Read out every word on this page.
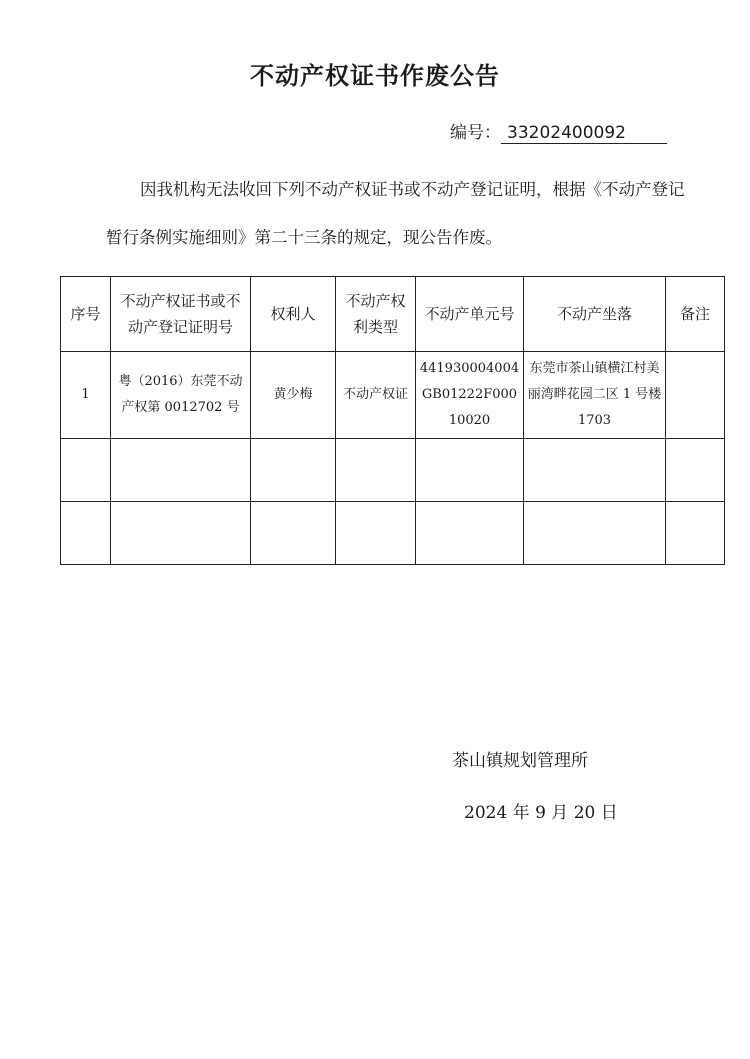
不动产权证书作废公告
编号： 33202400092
因我机构无法收回下列不动产权证书或不动产登记证明，根据《不动产登记暂行条例实施细则》第二十三条的规定，现公告作废。
序号	不动产权证书或不动产登记证明号	权利人	不动产权利类型	不动产单元号	不动产坐落	备注
1	粤（2016）东莞不动产权第 0012702 号	黄少梅	不动产权证	441930004004GB01222F00010020	东莞市茶山镇横江村美丽湾畔花园二区 1 号楼 1703	

茶山镇规划管理所
2024 年 9 月 20 日
